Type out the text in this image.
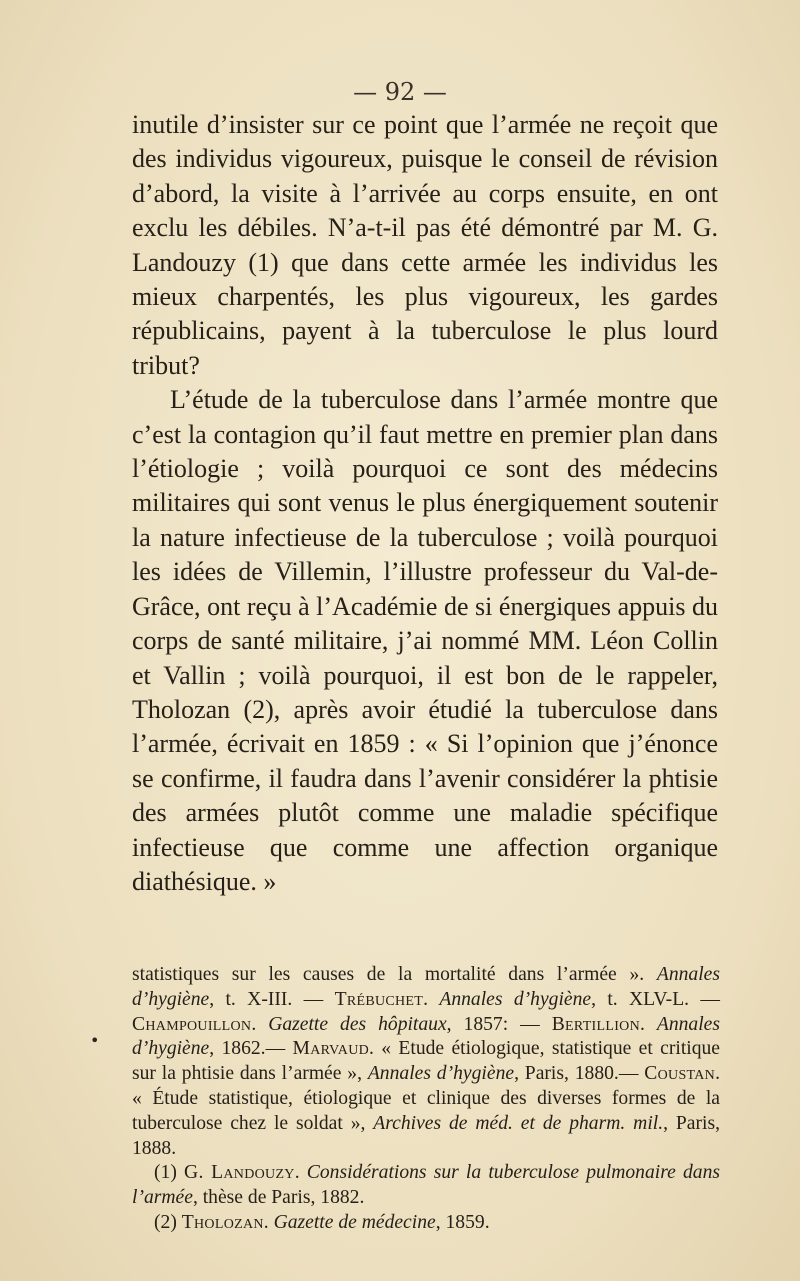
— 92 —

inutile d’insister sur ce point que l’armée ne reçoit que des individus vigoureux, puisque le conseil de révision d’abord, la visite à l’arrivée au corps ensuite, en ont exclu les débiles. N’a-t-il pas été démontré par M. G. Landouzy (1) que dans cette armée les individus les mieux charpentés, les plus vigoureux, les gardes républicains, payent à la tuberculose le plus lourd tribut?

L’étude de la tuberculose dans l’armée montre que c’est la contagion qu’il faut mettre en premier plan dans l’étiologie ; voilà pourquoi ce sont des médecins militaires qui sont venus le plus énergiquement soutenir la nature infectieuse de la tuberculose ; voilà pourquoi les idées de Villemin, l’illustre professeur du Val-de-Grâce, ont reçu à l’Académie de si énergiques appuis du corps de santé militaire, j’ai nommé MM. Léon Collin et Vallin ; voilà pourquoi, il est bon de le rappeler, Tholozan (2), après avoir étudié la tuberculose dans l’armée, écrivait en 1859 : « Si l’opinion que j’énonce se confirme, il faudra dans l’avenir considérer la phtisie des armées plutôt comme une maladie spécifique infectieuse que comme une affection organique diathésique. »

•

statistiques sur les causes de la mortalité dans l’armée ». Annales d’hygiène, t. X-III. — Trébuchet. Annales d’hygiène, t. XLV-L. — Champouillon. Gazette des hôpitaux, 1857: — Bertillion. Annales d’hygiène, 1862.— Marvaud. « Etude étiologique, statistique et critique sur la phtisie dans l’armée », Annales d’hygiène, Paris, 1880.— Coustan. « Étude statistique, étiologique et clinique des diverses formes de la tuberculose chez le soldat », Archives de méd. et de pharm. mil., Paris, 1888.

(1) G. Landouzy. Considérations sur la tuberculose pulmonaire dans l’armée, thèse de Paris, 1882.

(2) Tholozan. Gazette de médecine, 1859.
